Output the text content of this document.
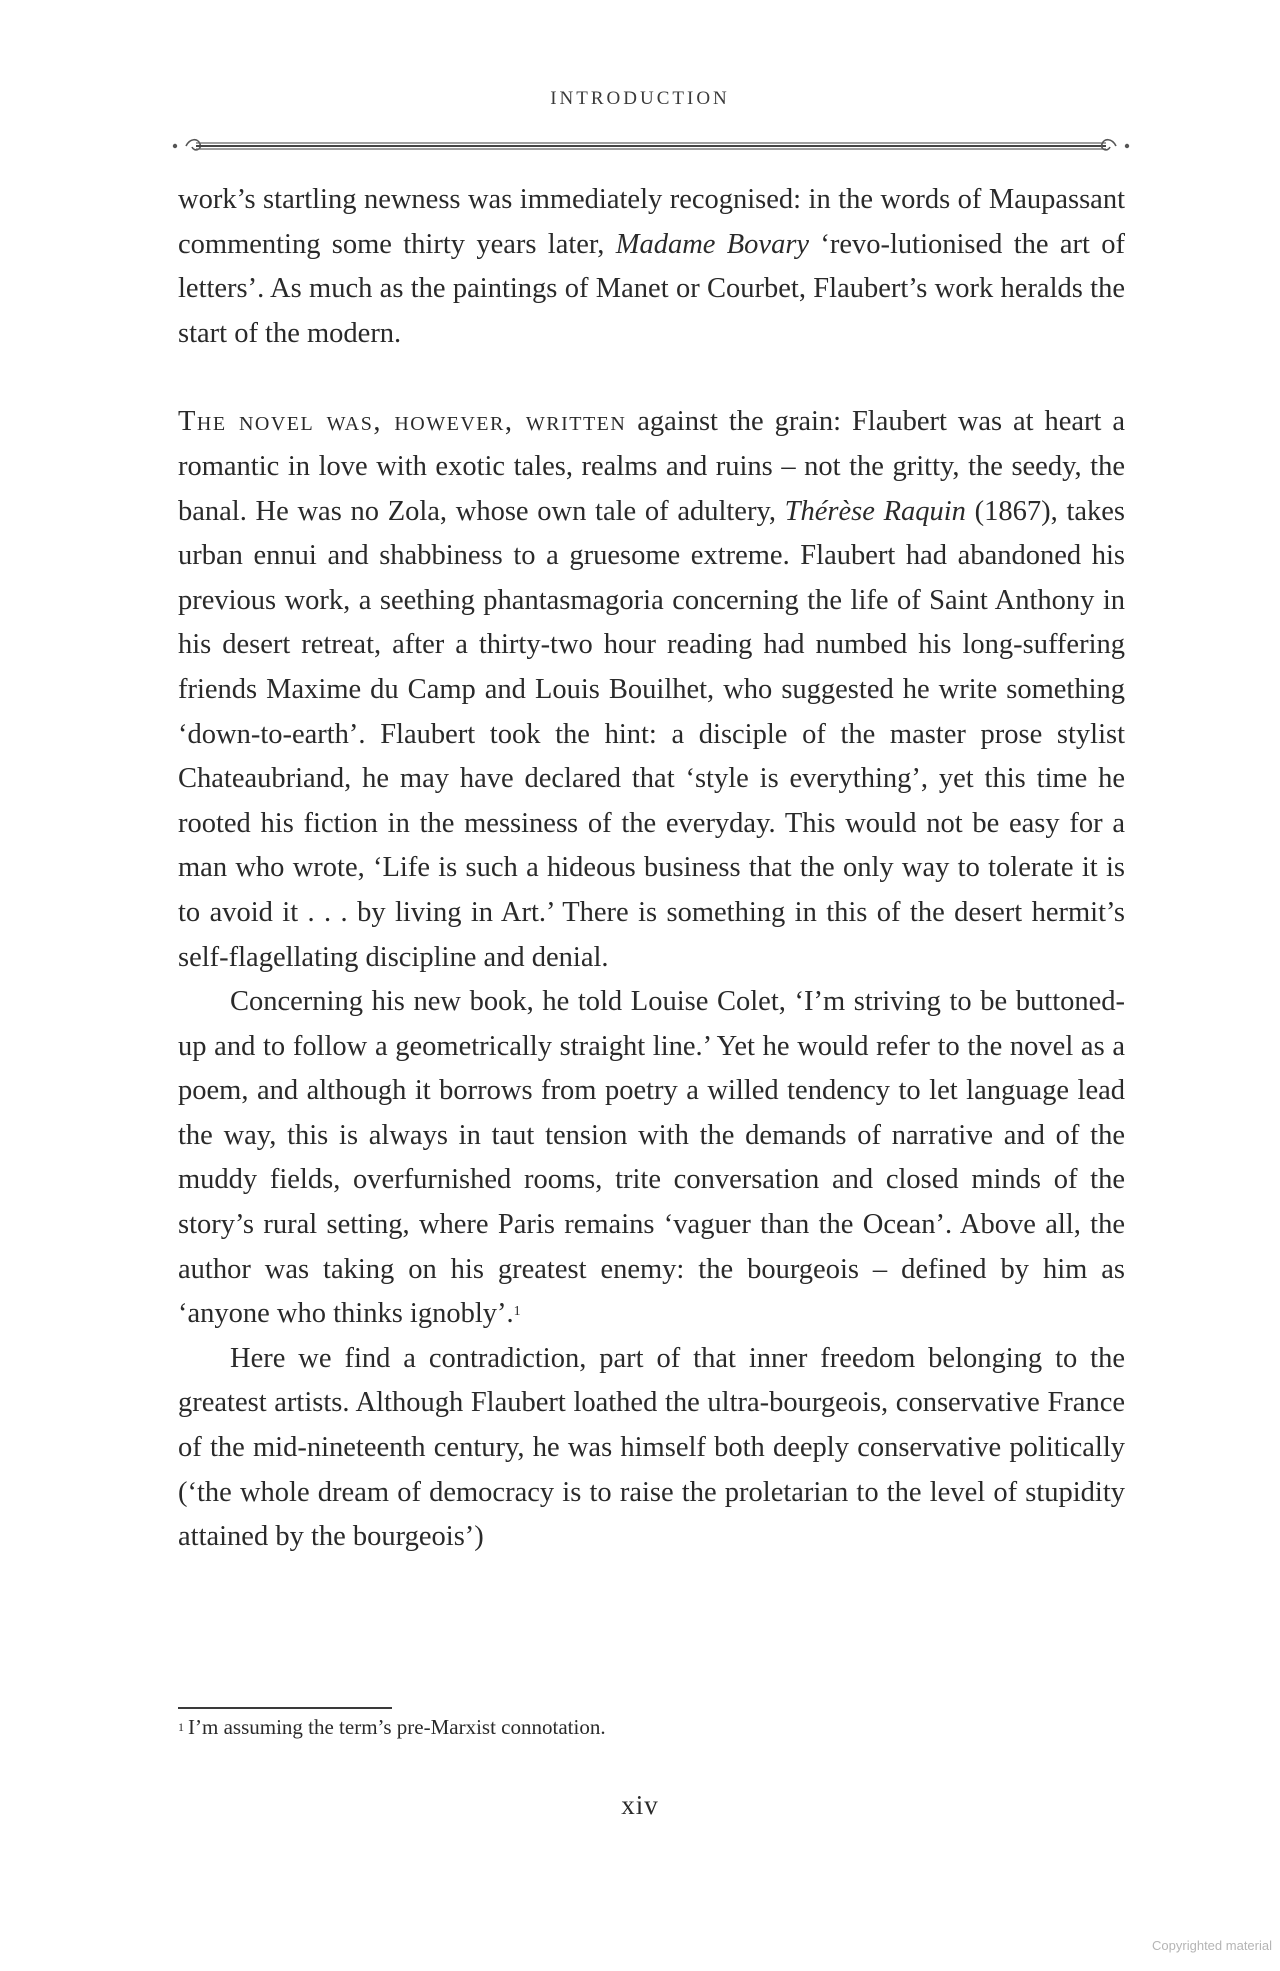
INTRODUCTION

work’s startling newness was immediately recognised: in the words of Maupassant commenting some thirty years later, Madame Bovary ‘revo-lutionised the art of letters’. As much as the paintings of Manet or Courbet, Flaubert’s work heralds the start of the modern.

The novel was, however, written against the grain: Flaubert was at heart a romantic in love with exotic tales, realms and ruins – not the gritty, the seedy, the banal. He was no Zola, whose own tale of adultery, Thérèse Raquin (1867), takes urban ennui and shabbiness to a gruesome extreme. Flaubert had abandoned his previous work, a seething phantasmagoria concerning the life of Saint Anthony in his desert retreat, after a thirty-two hour reading had numbed his long-suffering friends Maxime du Camp and Louis Bouilhet, who suggested he write something ‘down-to-earth’. Flaubert took the hint: a disciple of the master prose stylist Chateaubriand, he may have declared that ‘style is everything’, yet this time he rooted his fiction in the messiness of the everyday. This would not be easy for a man who wrote, ‘Life is such a hideous business that the only way to tolerate it is to avoid it . . . by living in Art.’ There is something in this of the desert hermit’s self-flagellating discipline and denial.

Concerning his new book, he told Louise Colet, ‘I’m striving to be buttoned-up and to follow a geometrically straight line.’ Yet he would refer to the novel as a poem, and although it borrows from poetry a willed tendency to let language lead the way, this is always in taut tension with the demands of narrative and of the muddy fields, overfurnished rooms, trite conversation and closed minds of the story’s rural setting, where Paris remains ‘vaguer than the Ocean’. Above all, the author was taking on his greatest enemy: the bourgeois – defined by him as ‘anyone who thinks ignobly’.$^1$

Here we find a contradiction, part of that inner freedom belonging to the greatest artists. Although Flaubert loathed the ultra-bourgeois, conservative France of the mid-nineteenth century, he was himself both deeply conservative politically (‘the whole dream of democracy is to raise the proletarian to the level of stupidity attained by the bourgeois’)

$^1$ I’m assuming the term’s pre-Marxist connotation.
xiv
Copyrighted material
